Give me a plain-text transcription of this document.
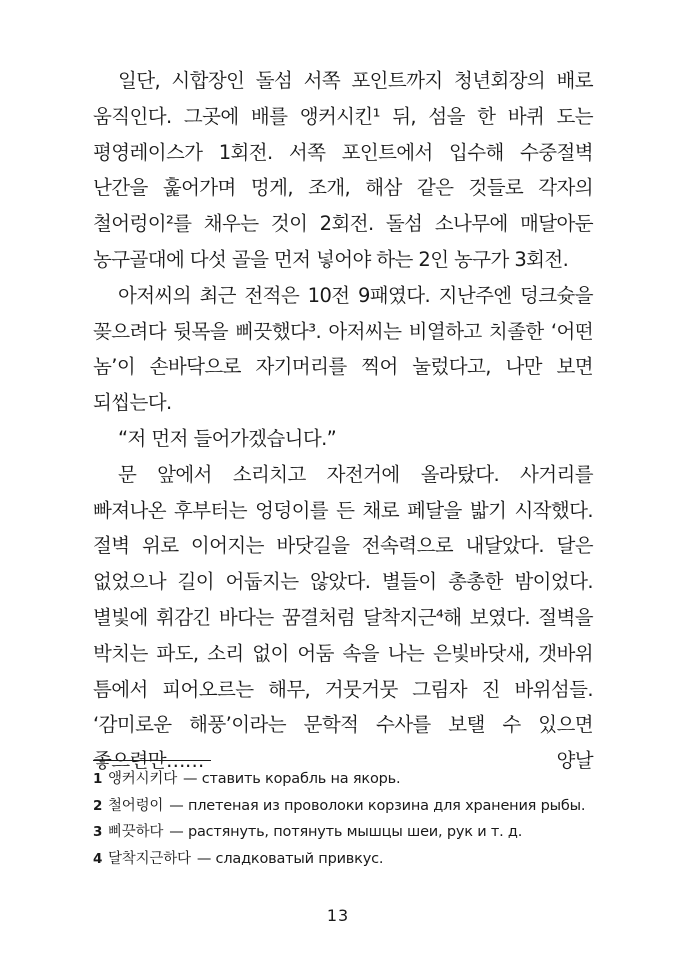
일단, 시합장인 돌섬 서쪽 포인트까지 청년회장의 배로 움직인다. 그곳에 배를 앵커시킨¹ 뒤, 섬을 한 바퀴 도는 평영레이스가 1회전. 서쪽 포인트에서 입수해 수중절벽 난간을 훑어가며 멍게, 조개, 해삼 같은 것들로 각자의 철어렁이²를 채우는 것이 2회전. 돌섬 소나무에 매달아둔 농구골대에 다섯 골을 먼저 넣어야 하는 2인 농구가 3회전.

아저씨의 최근 전적은 10전 9패였다. 지난주엔 덩크슛을 꽂으려다 뒷목을 삐끗했다³. 아저씨는 비열하고 치졸한 ‘어떤 놈’이 손바닥으로 자기머리를 찍어 눌렀다고, 나만 보면 되씹는다.

“저 먼저 들어가겠습니다.”

문 앞에서 소리치고 자전거에 올라탔다. 사거리를 빠져나온 후부터는 엉덩이를 든 채로 페달을 밟기 시작했다. 절벽 위로 이어지는 바닷길을 전속력으로 내달았다. 달은 없었으나 길이 어둡지는 않았다. 별들이 총총한 밤이었다. 별빛에 휘감긴 바다는 꿈결처럼 달착지근⁴해 보였다. 절벽을 박치는 파도, 소리 없이 어둠 속을 나는 은빛바닷새, 갯바위 틈에서 피어오르는 해무, 거뭇거뭇 그림자 진 바위섬들. ‘감미로운 해풍’이라는 문학적 수사를 보탤 수 있으면 좋으련만…… 양날

1 앵커시키다 — ставить корабль на якорь.
2 철어렁이 — плетеная из проволоки корзина для хранения рыбы.
3 삐끗하다 — растянуть, потянуть мышцы шеи, рук и т. д.
4 달착지근하다 — сладковатый привкус.
13
